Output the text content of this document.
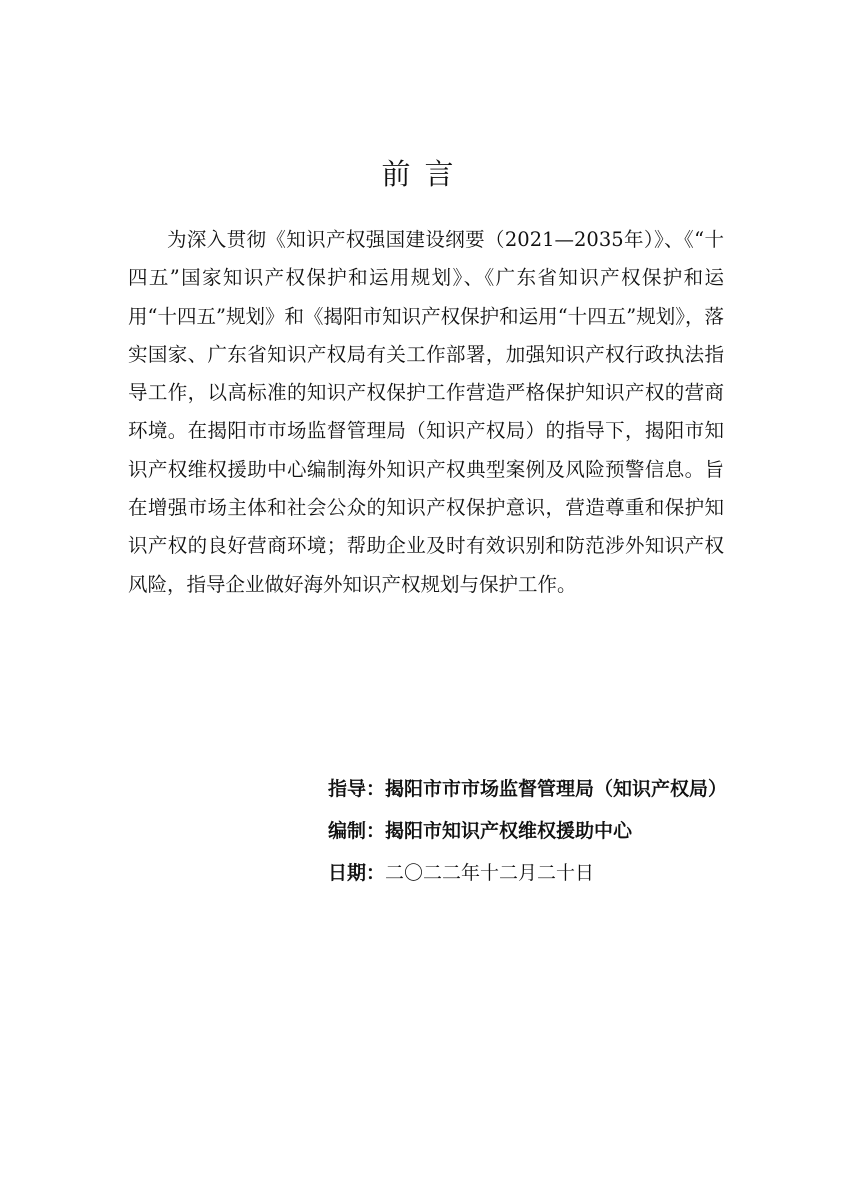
前言

为深入贯彻《知识产权强国建设纲要（2021—2035年）》、《“十四五”国家知识产权保护和运用规划》、《广东省知识产权保护和运用“十四五”规划》和《揭阳市知识产权保护和运用“十四五”规划》，落实国家、广东省知识产权局有关工作部署，加强知识产权行政执法指导工作，以高标准的知识产权保护工作营造严格保护知识产权的营商环境。在揭阳市市场监督管理局（知识产权局）的指导下，揭阳市知识产权维权援助中心编制海外知识产权典型案例及风险预警信息。旨在增强市场主体和社会公众的知识产权保护意识，营造尊重和保护知识产权的良好营商环境；帮助企业及时有效识别和防范涉外知识产权风险，指导企业做好海外知识产权规划与保护工作。

指导：揭阳市市市场监督管理局（知识产权局）
编制：揭阳市知识产权维权援助中心
日期：二〇二二年十二月二十日
